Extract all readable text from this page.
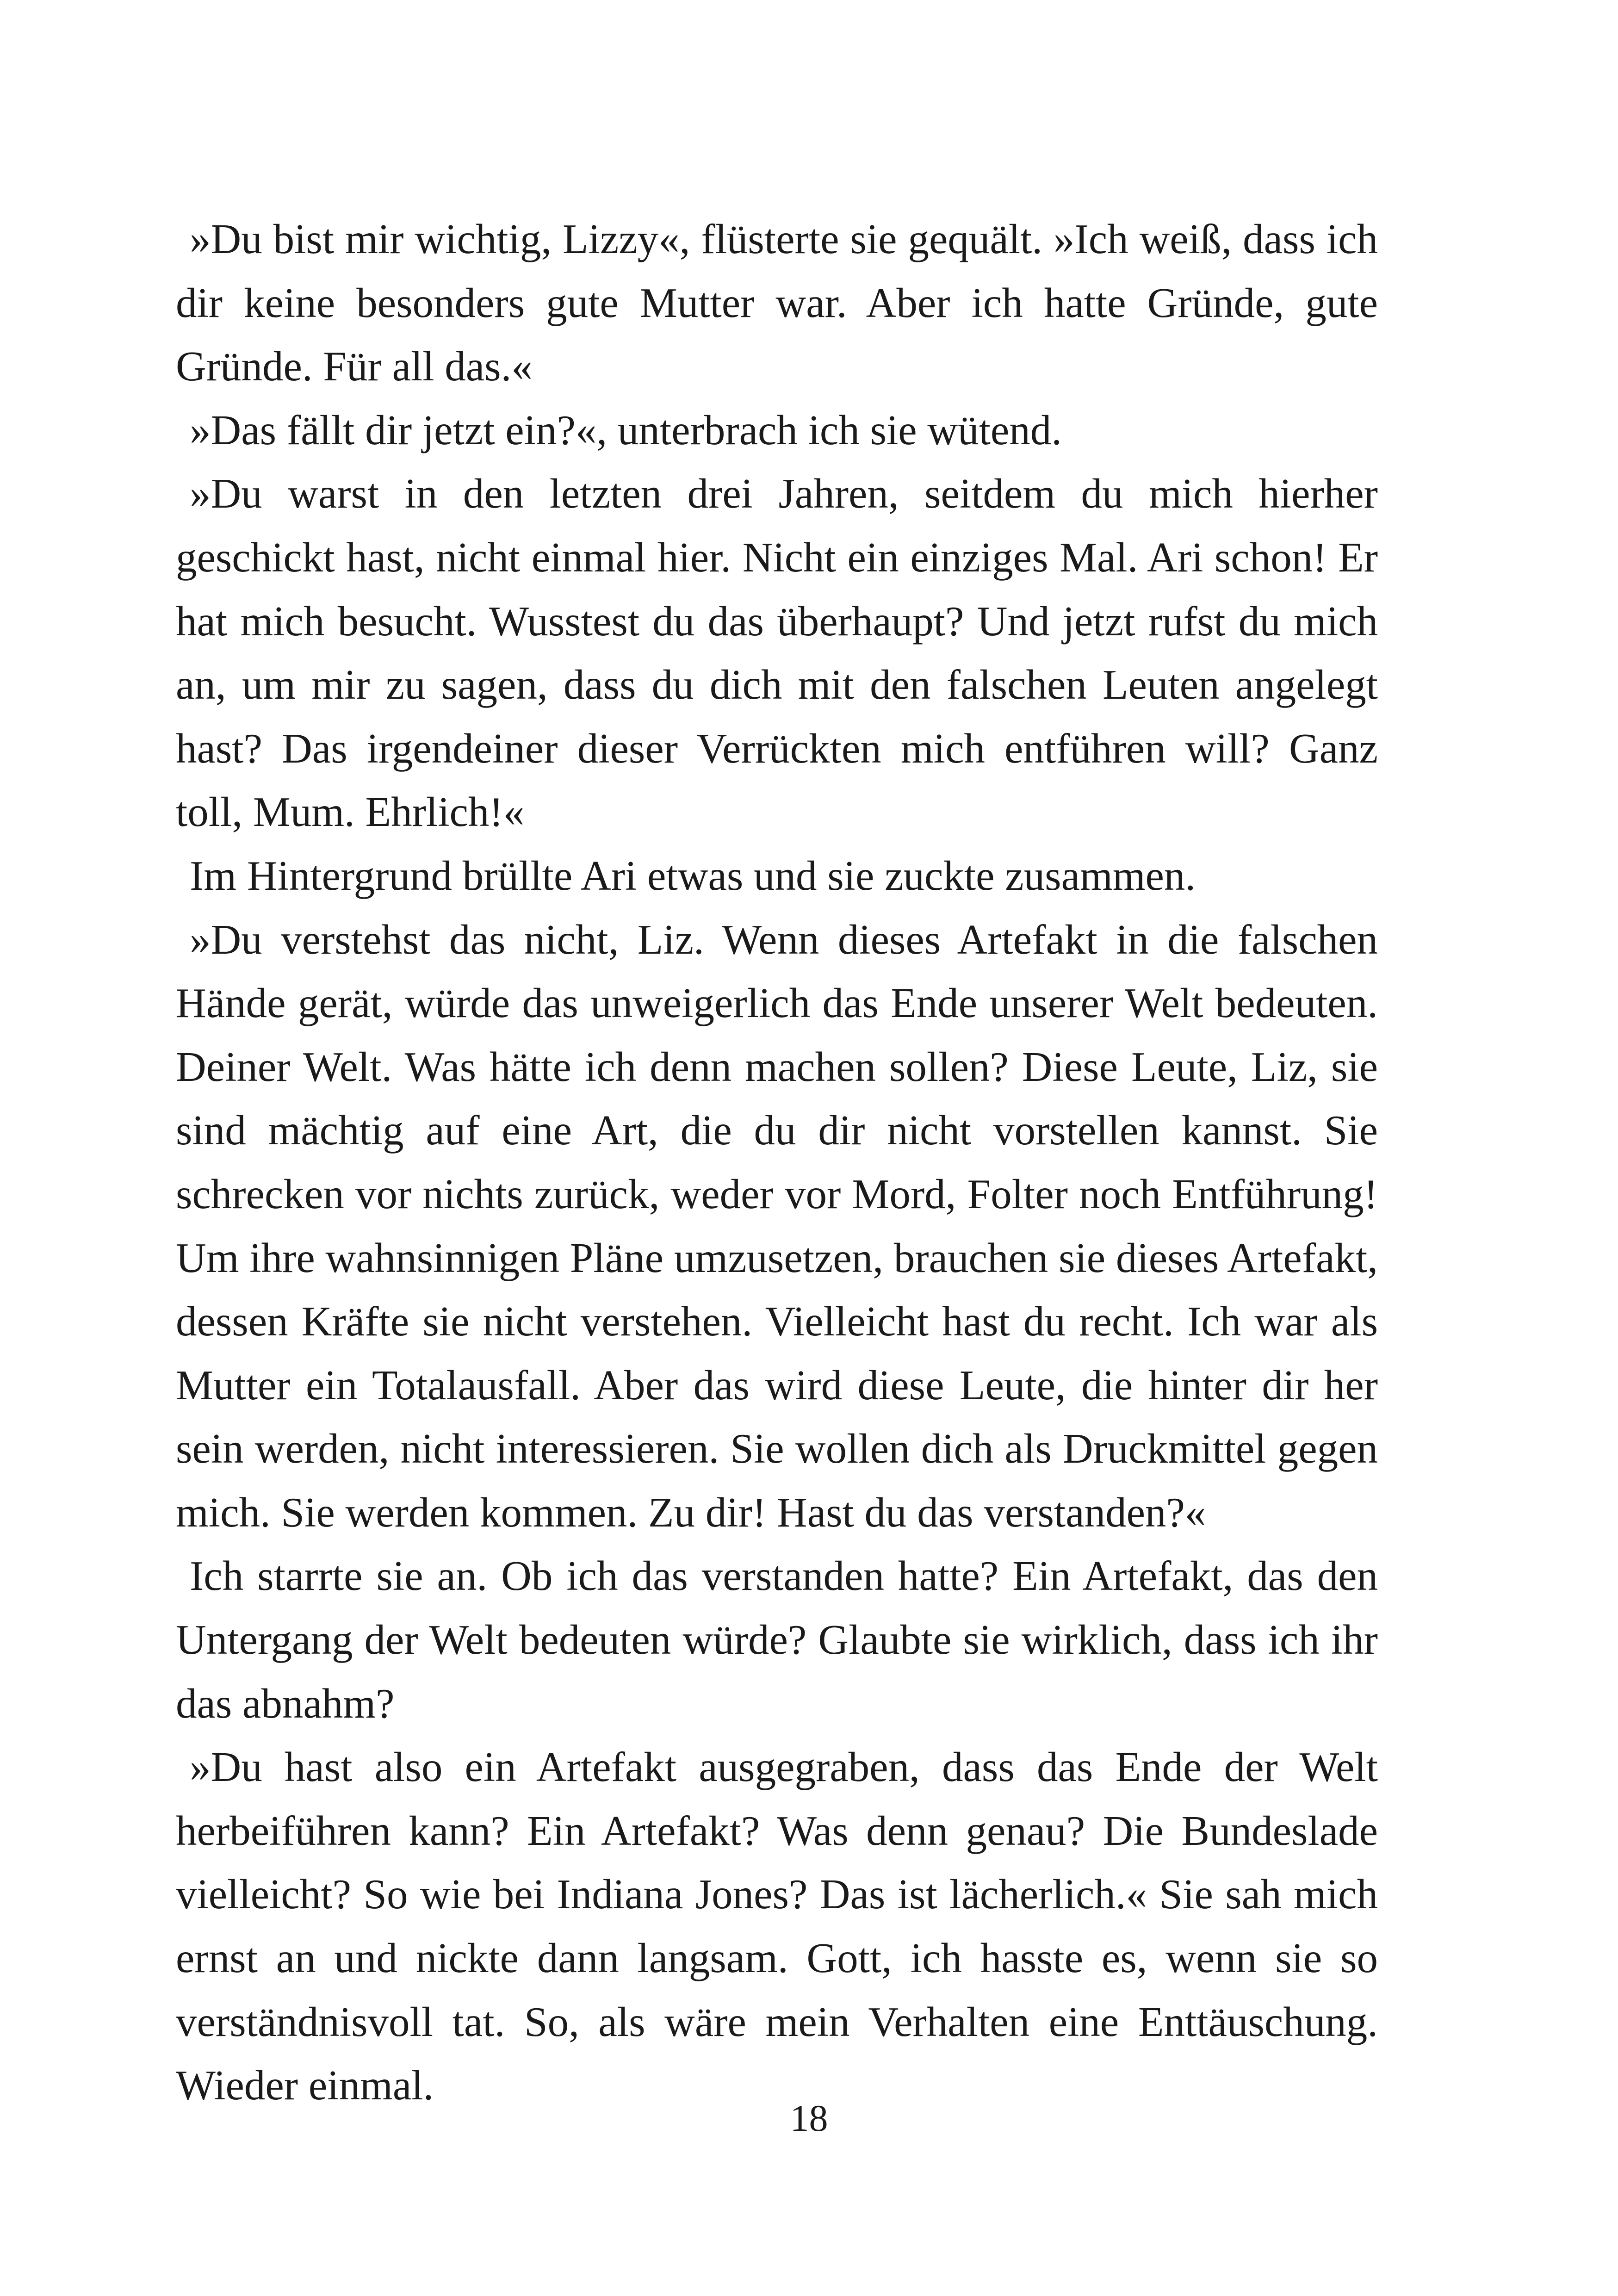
»Du bist mir wichtig, Lizzy«, flüsterte sie gequält. »Ich weiß, dass ich dir keine besonders gute Mutter war. Aber ich hatte Gründe, gute Gründe. Für all das.«

»Das fällt dir jetzt ein?«, unterbrach ich sie wütend.

»Du warst in den letzten drei Jahren, seitdem du mich hierher geschickt hast, nicht einmal hier. Nicht ein einziges Mal. Ari schon! Er hat mich besucht. Wusstest du das überhaupt? Und jetzt rufst du mich an, um mir zu sagen, dass du dich mit den falschen Leuten angelegt hast? Das irgendeiner dieser Verrückten mich entführen will? Ganz toll, Mum. Ehrlich!«

Im Hintergrund brüllte Ari etwas und sie zuckte zusammen.

»Du verstehst das nicht, Liz. Wenn dieses Artefakt in die falschen Hände gerät, würde das unweigerlich das Ende unserer Welt bedeuten. Deiner Welt. Was hätte ich denn machen sollen? Diese Leute, Liz, sie sind mächtig auf eine Art, die du dir nicht vorstellen kannst. Sie schrecken vor nichts zurück, weder vor Mord, Folter noch Entführung! Um ihre wahnsinnigen Pläne umzusetzen, brauchen sie dieses Artefakt, dessen Kräfte sie nicht verstehen. Vielleicht hast du recht. Ich war als Mutter ein Totalausfall. Aber das wird diese Leute, die hinter dir her sein werden, nicht interessieren. Sie wollen dich als Druckmittel gegen mich. Sie werden kommen. Zu dir! Hast du das verstanden?«

Ich starrte sie an. Ob ich das verstanden hatte? Ein Artefakt, das den Untergang der Welt bedeuten würde? Glaubte sie wirklich, dass ich ihr das abnahm?

»Du hast also ein Artefakt ausgegraben, dass das Ende der Welt herbeiführen kann? Ein Artefakt? Was denn genau? Die Bundeslade vielleicht? So wie bei Indiana Jones? Das ist lächerlich.« Sie sah mich ernst an und nickte dann langsam. Gott, ich hasste es, wenn sie so verständnisvoll tat. So, als wäre mein Verhalten eine Enttäuschung. Wieder einmal.

18
